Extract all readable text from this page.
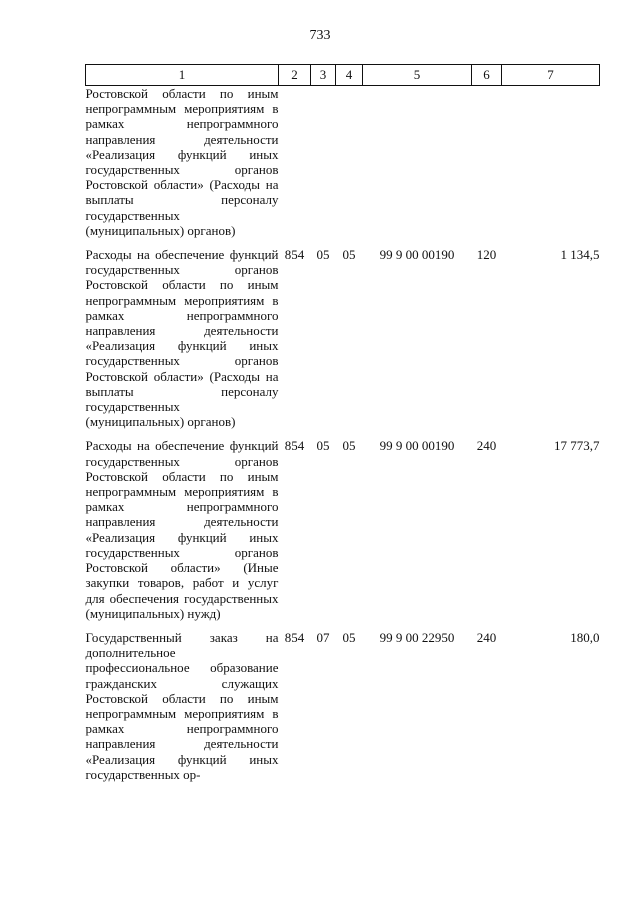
733
1	2	3	4	5	6	7
Ростовской области по иным непрограммным мероприятиям в рамках непрограммного направления деятельности «Реализация функций иных государственных органов Ростовской области» (Расходы на выплаты персоналу государственных (муниципальных) органов)						
Расходы на обеспечение функций государственных органов Ростовской области по иным непрограммным мероприятиям в рамках непрограммного направления деятельности «Реализация функций иных государственных органов Ростовской области» (Расходы на выплаты персоналу государственных (муниципальных) органов)	854	05	05	99 9 00 00190	120	1 134,5
Расходы на обеспечение функций государственных органов Ростовской области по иным непрограммным мероприятиям в рамках непрограммного направления деятельности «Реализация функций иных государственных органов Ростовской области» (Иные закупки товаров, работ и услуг для обеспечения государственных (муниципальных) нужд)	854	05	05	99 9 00 00190	240	17 773,7
Государственный заказ на дополнительное профессиональное образование гражданских служащих Ростовской области по иным непрограммным мероприятиям в рамках непрограммного направления деятельности «Реализация функций иных государственных ор-	854	07	05	99 9 00 22950	240	180,0
